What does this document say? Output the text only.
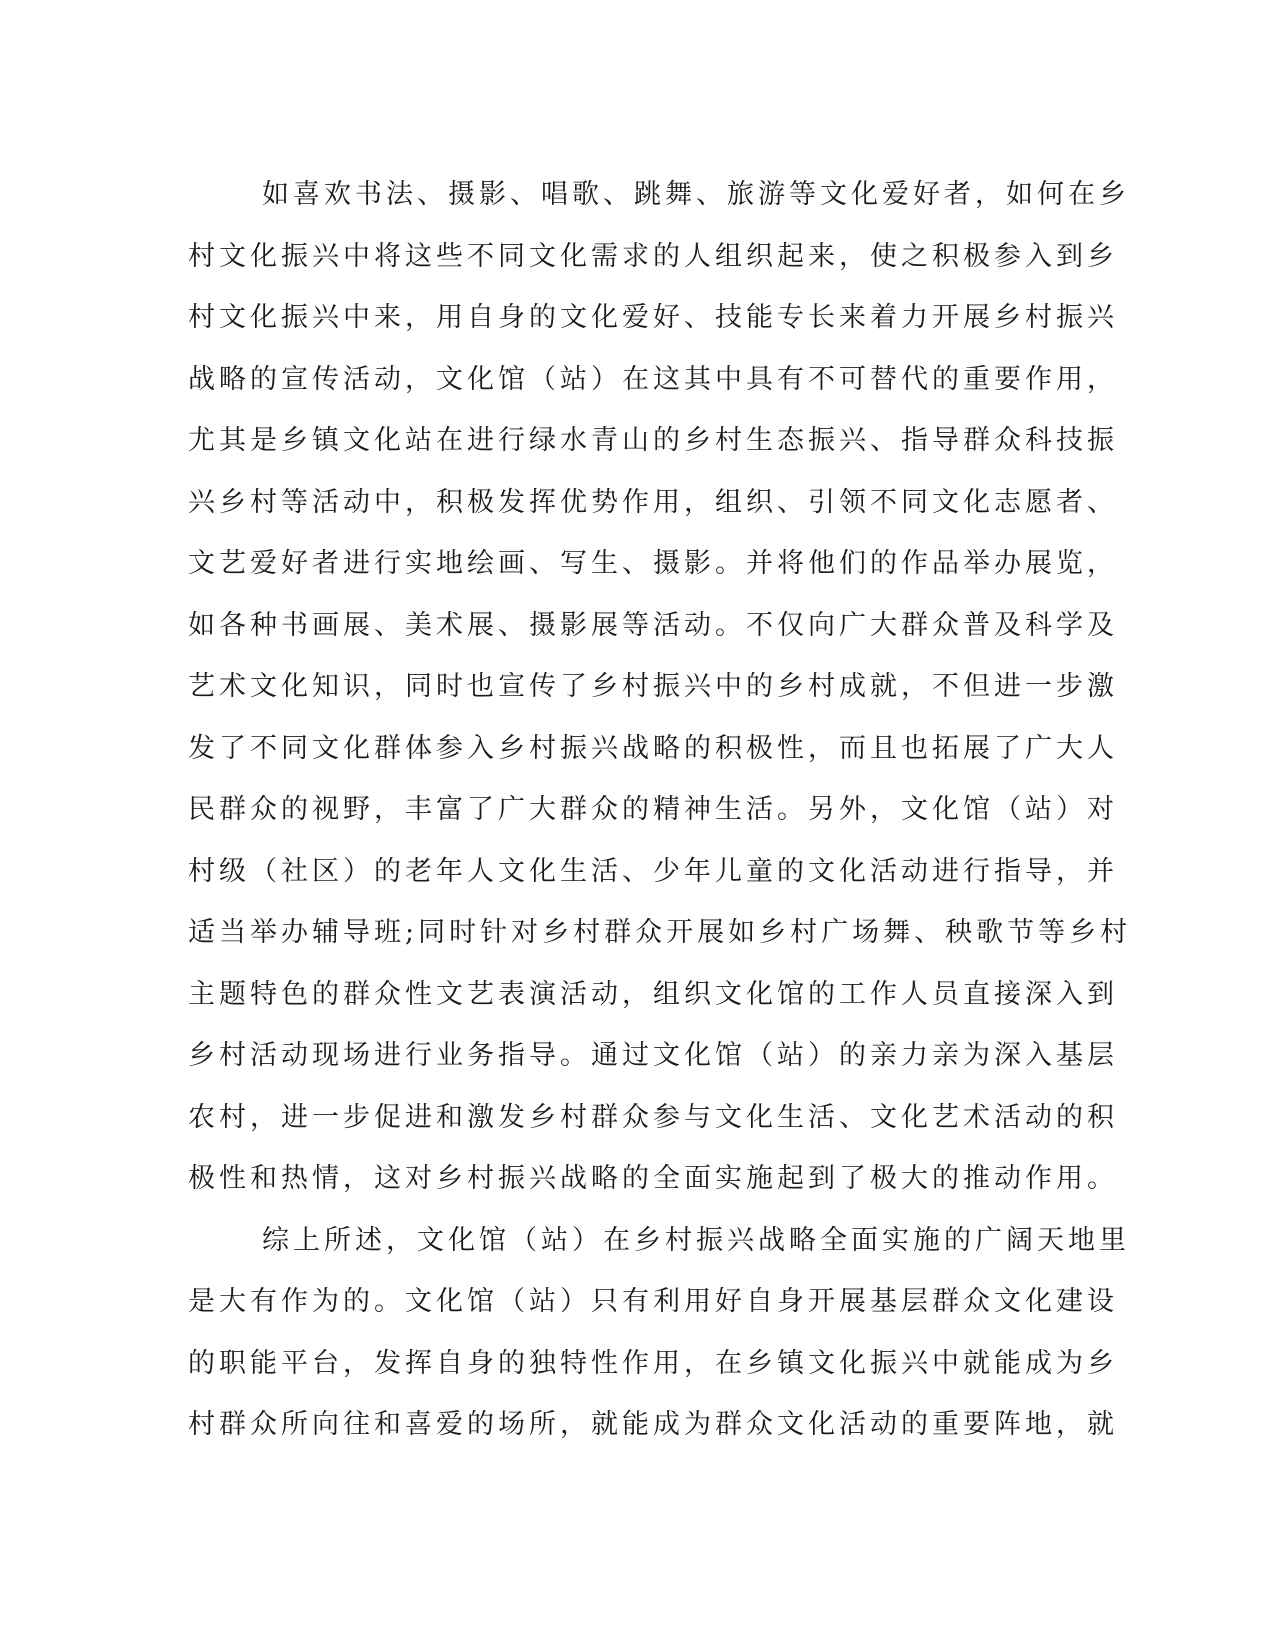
如喜欢书法、摄影、唱歌、跳舞、旅游等文化爱好者，如何在乡
村文化振兴中将这些不同文化需求的人组织起来，使之积极参入到乡
村文化振兴中来，用自身的文化爱好、技能专长来着力开展乡村振兴
战略的宣传活动，文化馆（站）在这其中具有不可替代的重要作用，
尤其是乡镇文化站在进行绿水青山的乡村生态振兴、指导群众科技振
兴乡村等活动中，积极发挥优势作用，组织、引领不同文化志愿者、
文艺爱好者进行实地绘画、写生、摄影。并将他们的作品举办展览，
如各种书画展、美术展、摄影展等活动。不仅向广大群众普及科学及
艺术文化知识，同时也宣传了乡村振兴中的乡村成就，不但进一步激
发了不同文化群体参入乡村振兴战略的积极性，而且也拓展了广大人
民群众的视野，丰富了广大群众的精神生活。另外，文化馆（站）对
村级（社区）的老年人文化生活、少年儿童的文化活动进行指导，并
适当举办辅导班;同时针对乡村群众开展如乡村广场舞、秧歌节等乡村
主题特色的群众性文艺表演活动，组织文化馆的工作人员直接深入到
乡村活动现场进行业务指导。通过文化馆（站）的亲力亲为深入基层
农村，进一步促进和激发乡村群众参与文化生活、文化艺术活动的积
极性和热情，这对乡村振兴战略的全面实施起到了极大的推动作用。
综上所述，文化馆（站）在乡村振兴战略全面实施的广阔天地里
是大有作为的。文化馆（站）只有利用好自身开展基层群众文化建设
的职能平台，发挥自身的独特性作用，在乡镇文化振兴中就能成为乡
村群众所向往和喜爱的场所，就能成为群众文化活动的重要阵地，就
